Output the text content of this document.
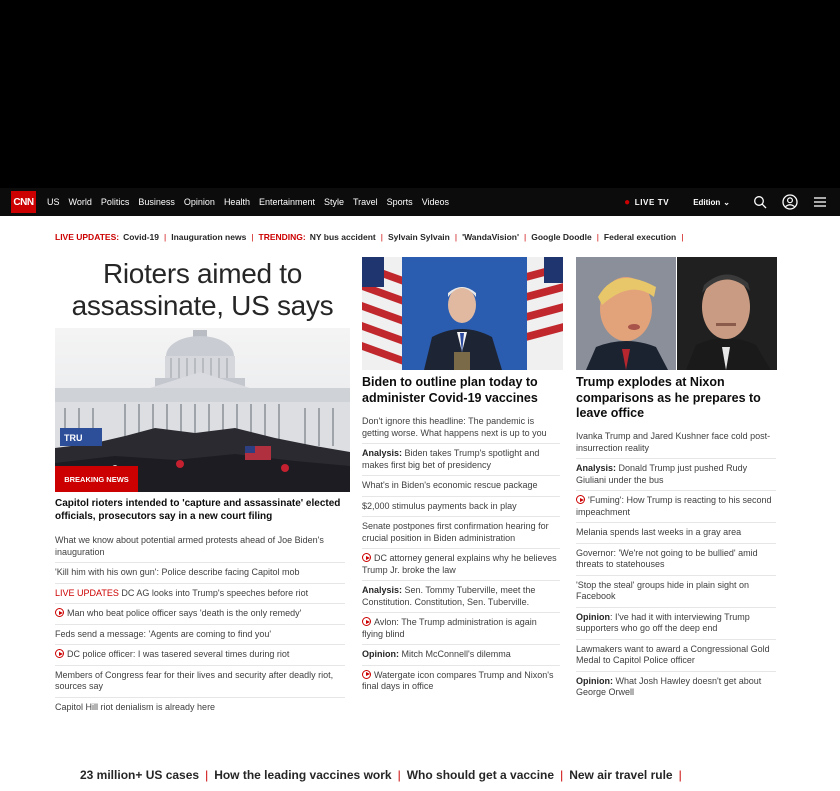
CNN US World Politics Business Opinion Health Entertainment Style Travel Sports Videos	● LIVE TV	Edition ⌄
LIVE UPDATES: Covid-19 | Inauguration news | TRENDING: NY bus accident | Sylvain Sylvain | 'WandaVision' | Google Doodle | Federal execution |
Rioters aimed to assassinate, US says
TRU
BREAKING NEWS
Capitol rioters intended to 'capture and assassinate' elected officials, prosecutors say in a new court filing
What we know about potential armed protests ahead of Joe Biden's inauguration
'Kill him with his own gun': Police describe facing Capitol mob
LIVE UPDATES DC AG looks into Trump's speeches before riot
Man who beat police officer says 'death is the only remedy'
Feds send a message: 'Agents are coming to find you'
DC police officer: I was tasered several times during riot
Members of Congress fear for their lives and security after deadly riot, sources say
Capitol Hill riot denialism is already here
Biden to outline plan today to administer Covid-19 vaccines
Don't ignore this headline: The pandemic is getting worse. What happens next is up to you
Analysis: Biden takes Trump's spotlight and makes first big bet of presidency
What's in Biden's economic rescue package
$2,000 stimulus payments back in play
Senate postpones first confirmation hearing for crucial position in Biden administration
DC attorney general explains why he believes Trump Jr. broke the law
Analysis: Sen. Tommy Tuberville, meet the Constitution. Constitution, Sen. Tuberville.
Avlon: The Trump administration is again flying blind
Opinion: Mitch McConnell's dilemma
Watergate icon compares Trump and Nixon's final days in office
Trump explodes at Nixon comparisons as he prepares to leave office
Ivanka Trump and Jared Kushner face cold post-insurrection reality
Analysis: Donald Trump just pushed Rudy Giuliani under the bus
'Fuming': How Trump is reacting to his second impeachment
Melania spends last weeks in a gray area
Governor: 'We're not going to be bullied' amid threats to statehouses
'Stop the steal' groups hide in plain sight on Facebook
Opinion: I've had it with interviewing Trump supporters who go off the deep end
Lawmakers want to award a Congressional Gold Medal to Capitol Police officer
Opinion: What Josh Hawley doesn't get about George Orwell
23 million+ US cases | How the leading vaccines work | Who should get a vaccine | New air travel rule |
